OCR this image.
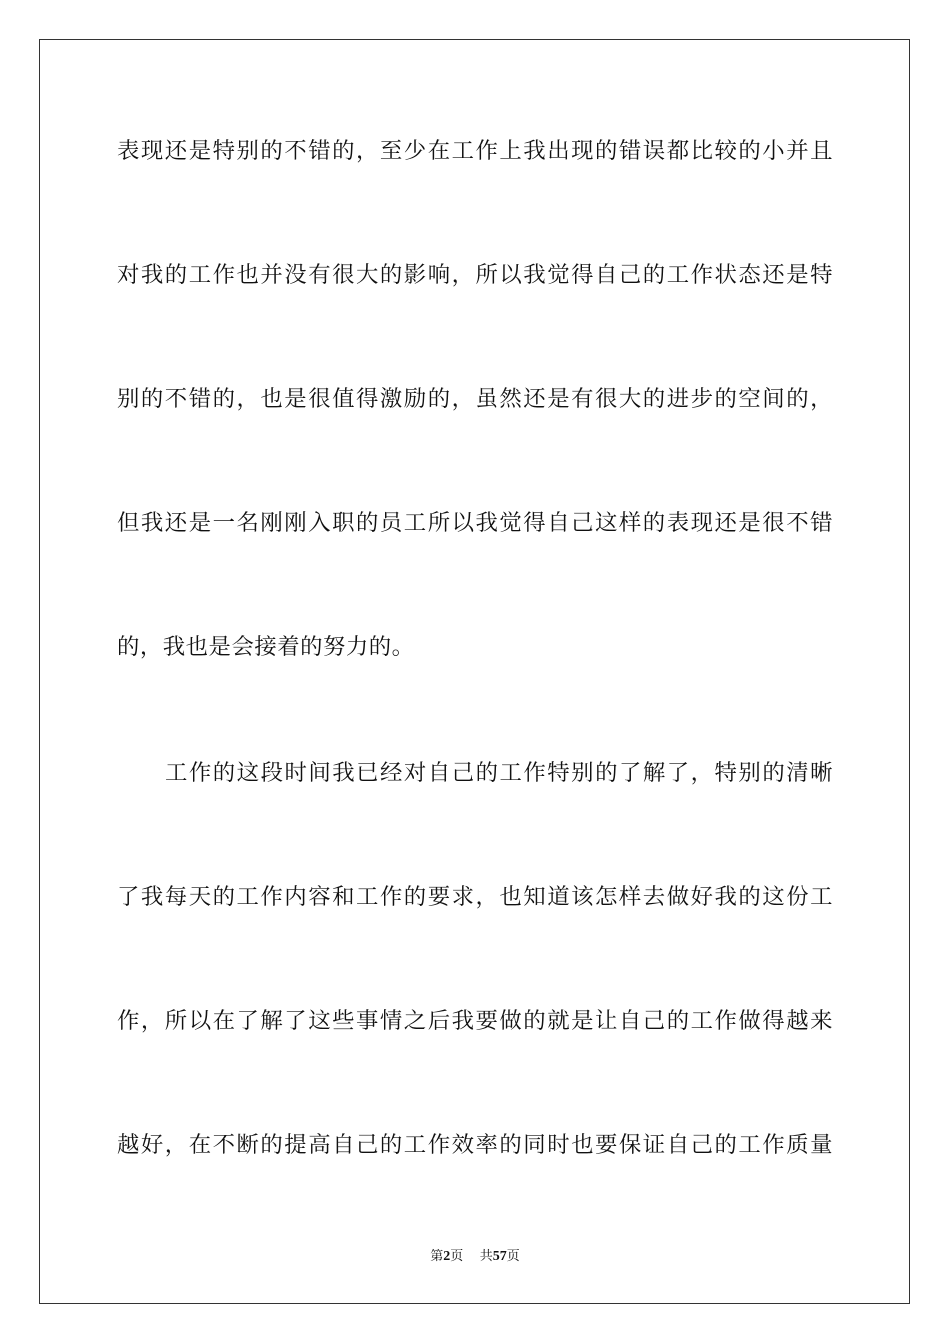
表现还是特别的不错的，至少在工作上我出现的错误都比较的小并且
对我的工作也并没有很大的影响，所以我觉得自己的工作状态还是特
别的不错的，也是很值得激励的，虽然还是有很大的进步的空间的，
但我还是一名刚刚入职的员工所以我觉得自己这样的表现还是很不错
的，我也是会接着的努力的。
工作的这段时间我已经对自己的工作特别的了解了，特别的清晰
了我每天的工作内容和工作的要求，也知道该怎样去做好我的这份工
作，所以在了解了这些事情之后我要做的就是让自己的工作做得越来
越好，在不断的提高自己的工作效率的同时也要保证自己的工作质量
第2页 共57页
